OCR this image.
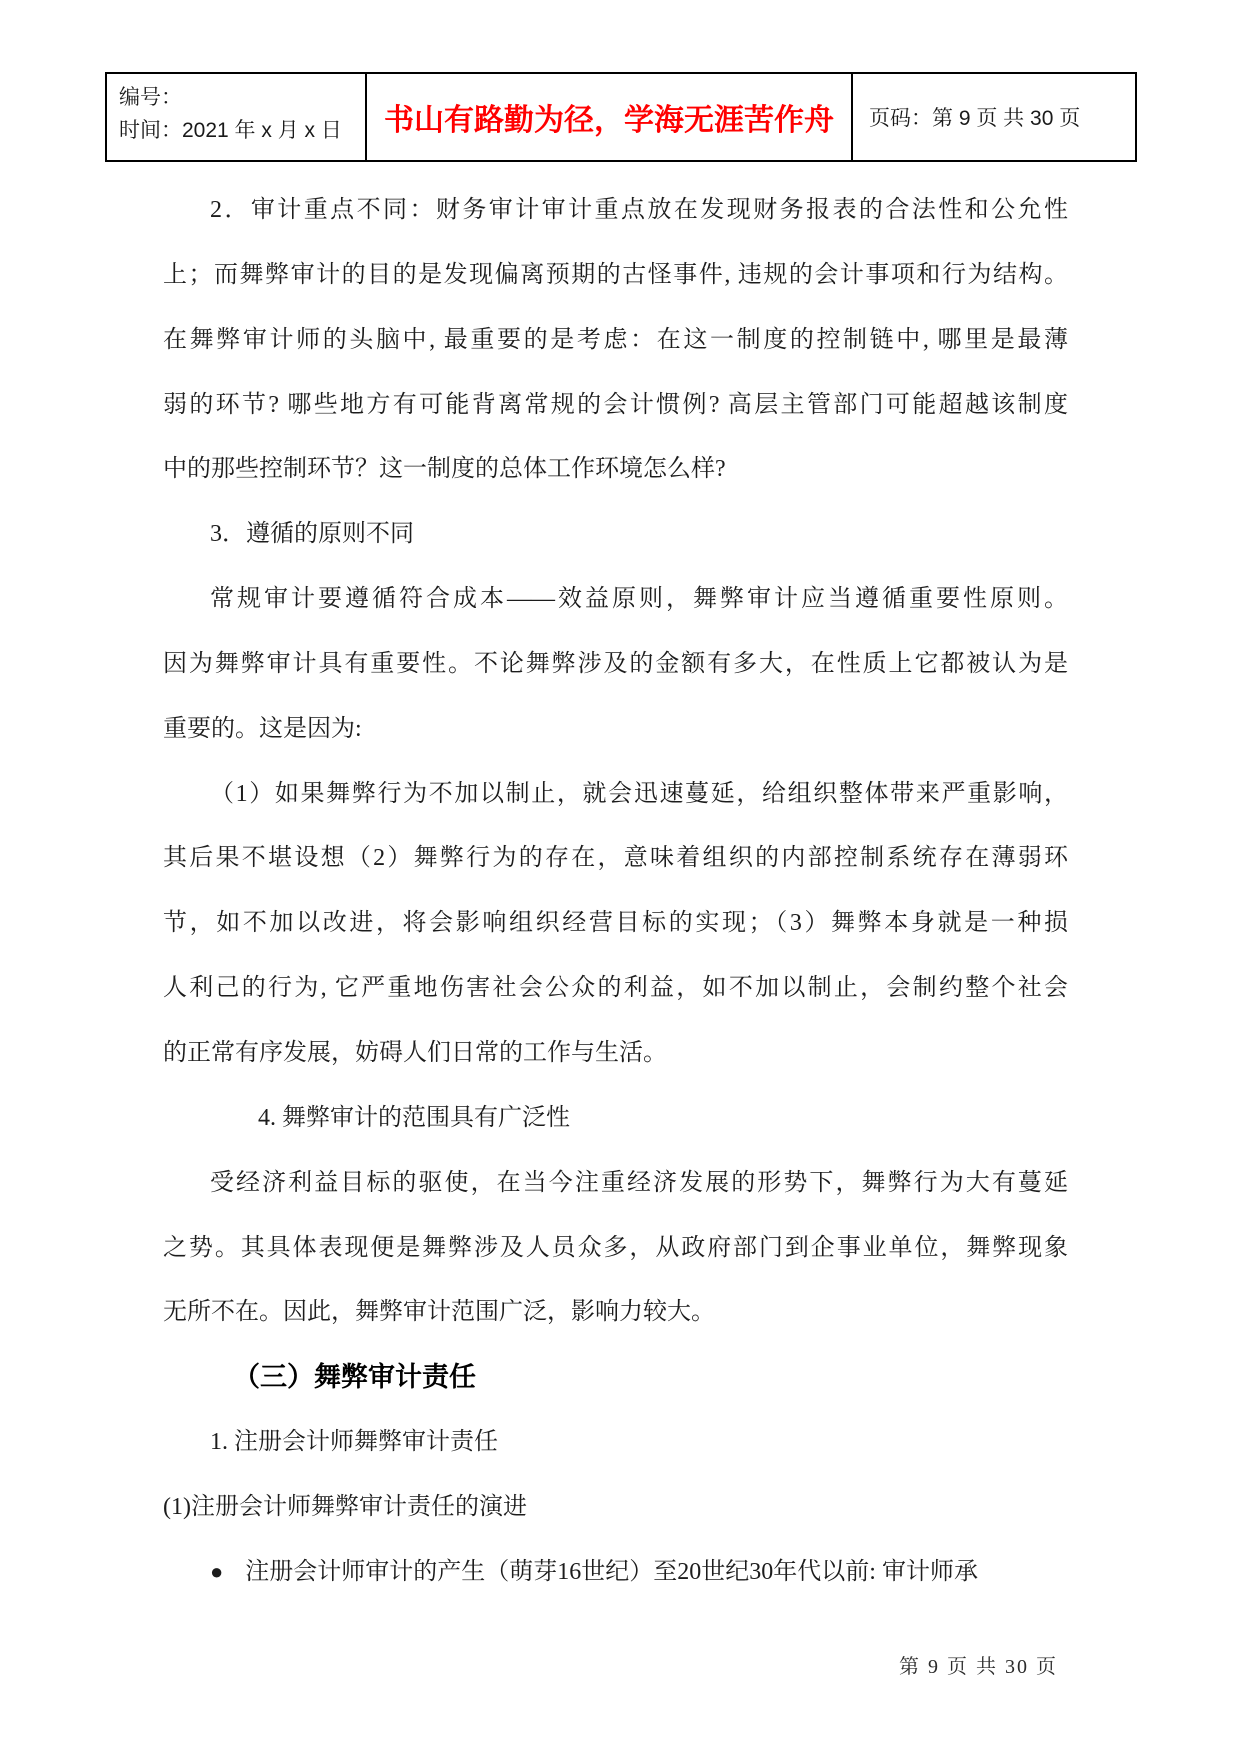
编号：
时间：2021 年 x 月 x 日	书山有路勤为径，学海无涯苦作舟 页码：第 9 页 共 30 页
2．审计重点不同：财务审计审计重点放在发现财务报表的合法性和公允性
上；而舞弊审计的目的是发现偏离预期的古怪事件, 违规的会计事项和行为结构。
在舞弊审计师的头脑中, 最重要的是考虑：在这一制度的控制链中, 哪里是最薄
弱的环节? 哪些地方有可能背离常规的会计惯例? 高层主管部门可能超越该制度
中的那些控制环节？这一制度的总体工作环境怎么样?
3．遵循的原则不同
常规审计要遵循符合成本——效益原则，舞弊审计应当遵循重要性原则。
因为舞弊审计具有重要性。不论舞弊涉及的金额有多大，在性质上它都被认为是
重要的。这是因为:
（1）如果舞弊行为不加以制止，就会迅速蔓延，给组织整体带来严重影响，
其后果不堪设想（2）舞弊行为的存在，意味着组织的内部控制系统存在薄弱环
节，如不加以改进，将会影响组织经营目标的实现；（3）舞弊本身就是一种损
人利己的行为, 它严重地伤害社会公众的利益，如不加以制止，会制约整个社会
的正常有序发展，妨碍人们日常的工作与生活。
4. 舞弊审计的范围具有广泛性
受经济利益目标的驱使，在当今注重经济发展的形势下，舞弊行为大有蔓延
之势。其具体表现便是舞弊涉及人员众多，从政府部门到企事业单位，舞弊现象
无所不在。因此，舞弊审计范围广泛，影响力较大。
（三）舞弊审计责任
1. 注册会计师舞弊审计责任
(1)注册会计师舞弊审计责任的演进
● 注册会计师审计的产生（萌芽16世纪）至20世纪30年代以前: 审计师承
第 9 页 共 30 页
